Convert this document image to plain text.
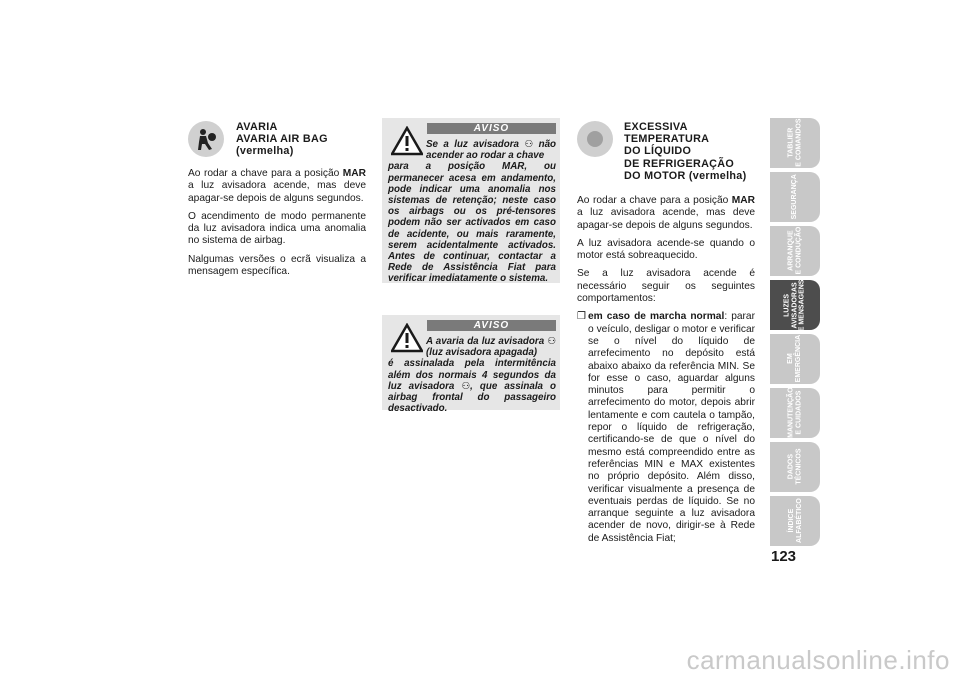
AVARIA
AVARIA AIR BAG
(vermelha)

Ao rodar a chave para a posição MAR a luz avisadora acende, mas deve apagar-se depois de alguns segundos.

O acendimento de modo permanente da luz avisadora indica uma anomalia no sistema de airbag.

Nalgumas versões o ecrã visualiza a mensagem específica.

AVISO
Se a luz avisadora ⚇ não acender ao rodar a chave
para a posição MAR, ou permanecer acesa em andamento, pode indicar uma anomalia nos sistemas de retenção; neste caso os airbags ou os pré-tensores podem não ser activados em caso de acidente, ou mais raramente, serem acidentalmente activados. Antes de continuar, contactar a Rede de Assistência Fiat para verificar imediatamente o sistema.
AVISO
A avaria da luz avisadora ⚇ (luz avisadora apagada)
é assinalada pela intermitência além dos normais 4 segundos da luz avisadora ⚇, que assinala o airbag frontal do passageiro desactivado.
EXCESSIVA
TEMPERATURA
DO LÍQUIDO
DE REFRIGERAÇÃO
DO MOTOR (vermelha)

Ao rodar a chave para a posição MAR a luz avisadora acende, mas deve apagar-se depois de alguns segundos.

A luz avisadora acende-se quando o motor está sobreaquecido.

Se a luz avisadora acende é necessário seguir os seguintes comportamentos:

❒ em caso de marcha normal: parar o veículo, desligar o motor e verificar se o nível do líquido de arrefecimento no depósito está abaixo abaixo da referência MIN. Se for esse o caso, aguardar alguns minutos para permitir o arrefecimento do motor, depois abrir lentamente e com cautela o tampão, repor o líquido de refrigeração, certificando-se de que o nível do mesmo está compreendido entre as referências MIN e MAX existentes no próprio depósito. Além disso, verificar visualmente a presença de eventuais perdas de líquido. Se no arranque seguinte a luz avisadora acender de novo, dirigir-se à Rede de Assistência Fiat;
TABLIER
E COMANDOS
SEGURANÇA
ARRANQUE
E CONDUÇÃO
LUZES
AVISADORAS
E MENSAGENS
EM
EMERGÊNCIA
MANUTENÇÃO
E CUIDADOS
DADOS
TÉCNICOS
ÍNDICE
ALFABÉTICO
123
carmanualsonline.info
